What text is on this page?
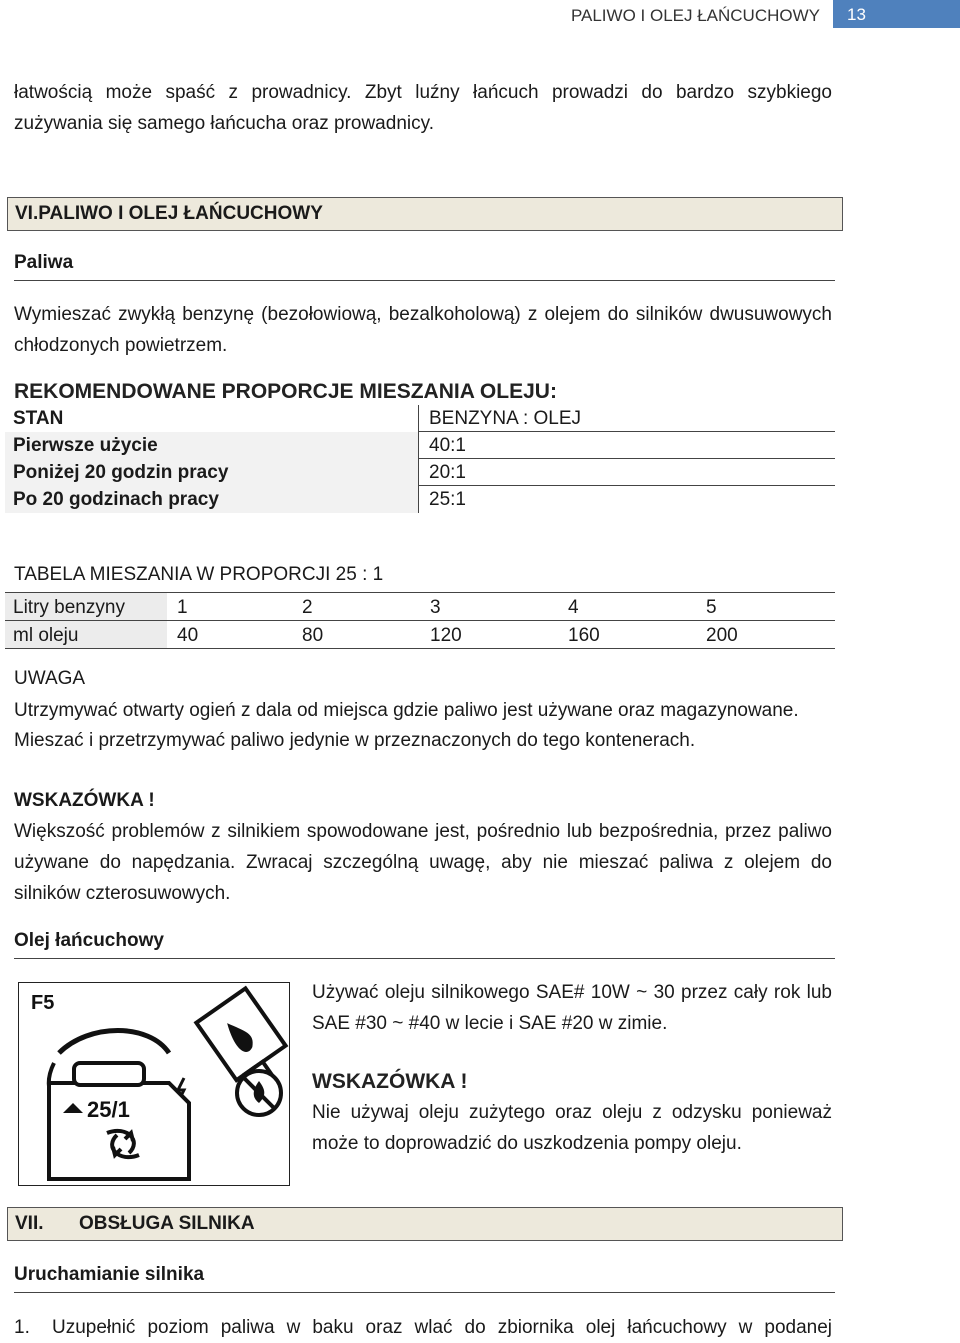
PALIWO I OLEJ ŁAŃCUCHOWY	13
łatwością może spaść z prowadnicy. Zbyt luźny łańcuch prowadzi do bardzo szybkiego zużywania się samego łańcucha oraz prowadnicy.
VI.PALIWO I OLEJ ŁAŃCUCHOWY
Paliwa
Wymieszać zwykłą benzynę (bezołowiową, bezalkoholową) z olejem do silników dwusuwowych chłodzonych powietrzem.
REKOMENDOWANE PROPORCJE MIESZANIA OLEJU:
STAN	BENZYNA : OLEJ
Pierwsze użycie	40:1
Poniżej 20 godzin pracy	20:1
Po 20 godzinach pracy	25:1
TABELA MIESZANIA W PROPORCJI 25 : 1
Litry benzyny	1	2	3	4	5
ml oleju	40	80	120	160	200
UWAGA
Utrzymywać otwarty ogień z dala od miejsca gdzie paliwo jest używane oraz magazynowane.
Mieszać i przetrzymywać paliwo jedynie w przeznaczonych do tego kontenerach.
WSKAZÓWKA !
Większość problemów z silnikiem spowodowane jest, pośrednio lub bezpośrednia, przez paliwo używane do napędzania. Zwracaj szczególną uwagę, aby nie mieszać paliwa z olejem do silników czterosuwowych.
Olej łańcuchowy
F5
25/1
Używać oleju silnikowego SAE# 10W ~ 30 przez cały rok lub SAE #30 ~ #40 w lecie i SAE #20 w zimie.
WSKAZÓWKA !
Nie używaj oleju zużytego oraz oleju z odzysku ponieważ może to doprowadzić do uszkodzenia pompy oleju.
VII. OBSŁUGA SILNIKA
Uruchamianie silnika
1.	Uzupełnić poziom paliwa w baku oraz wlać do zbiornika olej łańcuchowy w podanej
